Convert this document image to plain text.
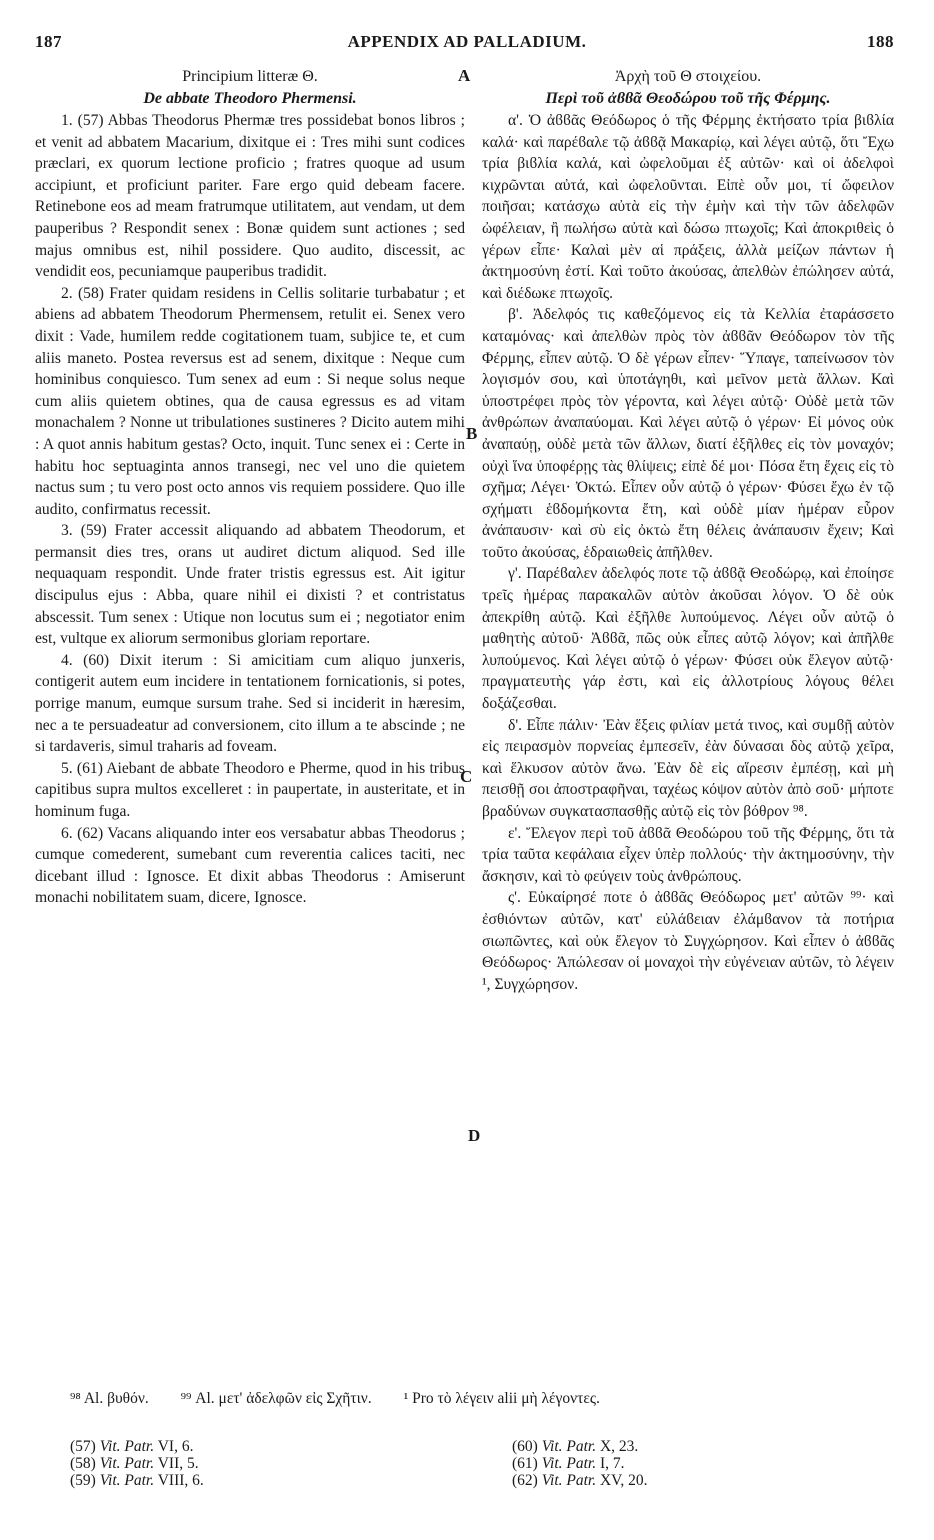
187	APPENDIX AD PALLADIUM.	188
A
B
C
D
Principium litteræ Θ.
De abbate Theodoro Phermensi.

1. (57) Abbas Theodorus Phermæ tres possidebat bonos libros ; et venit ad abbatem Macarium, dixitque ei : Tres mihi sunt codices præclari, ex quorum lectione proficio ; fratres quoque ad usum accipiunt, et proficiunt pariter. Fare ergo quid debeam facere. Retinebone eos ad meam fratrumque utilitatem, aut vendam, ut dem pauperibus ? Respondit senex : Bonæ quidem sunt actiones ; sed majus omnibus est, nihil possidere. Quo audito, discessit, ac vendidit eos, pecuniamque pauperibus tradidit.

2. (58) Frater quidam residens in Cellis solitarie turbabatur ; et abiens ad abbatem Theodorum Phermensem, retulit ei. Senex vero dixit : Vade, humilem redde cogitationem tuam, subjice te, et cum aliis maneto. Postea reversus est ad senem, dixitque : Neque cum hominibus conquiesco. Tum senex ad eum : Si neque solus neque cum aliis quietem obtines, qua de causa egressus es ad vitam monachalem ? Nonne ut tribulationes sustineres ? Dicito autem mihi : A quot annis habitum gestas? Octo, inquit. Tunc senex ei : Certe in habitu hoc septuaginta annos transegi, nec vel uno die quietem nactus sum ; tu vero post octo annos vis requiem possidere. Quo ille audito, confirmatus recessit.

3. (59) Frater accessit aliquando ad abbatem Theodorum, et permansit dies tres, orans ut audiret dictum aliquod. Sed ille nequaquam respondit. Unde frater tristis egressus est. Ait igitur discipulus ejus : Abba, quare nihil ei dixisti ? et contristatus abscessit. Tum senex : Utique non locutus sum ei ; negotiator enim est, vultque ex aliorum sermonibus gloriam reportare.

4. (60) Dixit iterum : Si amicitiam cum aliquo junxeris, contigerit autem eum incidere in tentationem fornicationis, si potes, porrige manum, eumque sursum trahe. Sed si inciderit in hæresim, nec a te persuadeatur ad conversionem, cito illum a te abscinde ; ne si tardaveris, simul traharis ad foveam.

5. (61) Aiebant de abbate Theodoro e Pherme, quod in his tribus capitibus supra multos excelleret : in paupertate, in austeritate, et in hominum fuga.

6. (62) Vacans aliquando inter eos versabatur abbas Theodorus ; cumque comederent, sumebant cum reverentia calices taciti, nec dicebant illud : Ignosce. Et dixit abbas Theodorus : Amiserunt monachi nobilitatem suam, dicere, Ignosce.

Ἀρχὴ τοῦ Θ στοιχείου.
Περὶ τοῦ ἀϐϐᾶ Θεοδώρου τοῦ τῆς Φέρμης.

α'. Ὁ ἀϐϐᾶς Θεόδωρος ὁ τῆς Φέρμης ἐκτήσατο τρία βιϐλία καλά· καὶ παρέϐαλε τῷ ἀϐϐᾷ Μακαρίῳ, καὶ λέγει αὐτῷ, ὅτι Ἔχω τρία βιϐλία καλά, καὶ ὠφελοῦμαι ἐξ αὐτῶν· καὶ οἱ ἀδελφοὶ κιχρῶνται αὐτά, καὶ ὠφελοῦνται. Εἰπὲ οὖν μοι, τί ὤφειλον ποιῆσαι; κατάσχω αὐτὰ εἰς τὴν ἐμὴν καὶ τὴν τῶν ἀδελφῶν ὠφέλειαν, ἢ πωλήσω αὐτὰ καὶ δώσω πτωχοῖς; Καὶ ἀποκριθεὶς ὁ γέρων εἶπε· Καλαὶ μὲν αἱ πράξεις, ἀλλὰ μείζων πάντων ἡ ἀκτημοσύνη ἐστί. Καὶ τοῦτο ἀκούσας, ἀπελθὼν ἐπώλησεν αὐτά, καὶ διέδωκε πτωχοῖς.

β'. Ἀδελφός τις καθεζόμενος εἰς τὰ Κελλία ἐταράσσετο καταμόνας· καὶ ἀπελθὼν πρὸς τὸν ἀϐϐᾶν Θεόδωρον τὸν τῆς Φέρμης, εἶπεν αὐτῷ. Ὁ δὲ γέρων εἶπεν· Ὕπαγε, ταπείνωσον τὸν λογισμόν σου, καὶ ὑποτάγηθι, καὶ μεῖνον μετὰ ἄλλων. Καὶ ὑποστρέφει πρὸς τὸν γέροντα, καὶ λέγει αὐτῷ· Οὐδὲ μετὰ τῶν ἀνθρώπων ἀναπαύομαι. Καὶ λέγει αὐτῷ ὁ γέρων· Εἰ μόνος οὐκ ἀναπαύῃ, οὐδὲ μετὰ τῶν ἄλλων, διατί ἐξῆλθες εἰς τὸν μοναχόν; οὐχὶ ἵνα ὑποφέρῃς τὰς θλίψεις; εἰπὲ δέ μοι· Πόσα ἔτη ἔχεις εἰς τὸ σχῆμα; Λέγει· Ὀκτώ. Εἶπεν οὖν αὐτῷ ὁ γέρων· Φύσει ἔχω ἐν τῷ σχήματι ἑϐδομήκοντα ἔτη, καὶ οὐδὲ μίαν ἡμέραν εὗρον ἀνάπαυσιν· καὶ σὺ εἰς ὀκτὼ ἔτη θέλεις ἀνάπαυσιν ἔχειν; Καὶ τοῦτο ἀκούσας, ἑδραιωθεὶς ἀπῆλθεν.

γ'. Παρέϐαλεν ἀδελφός ποτε τῷ ἀϐϐᾷ Θεοδώρῳ, καὶ ἐποίησε τρεῖς ἡμέρας παρακαλῶν αὐτὸν ἀκοῦσαι λόγον. Ὁ δὲ οὐκ ἀπεκρίθη αὐτῷ. Καὶ ἐξῆλθε λυπούμενος. Λέγει οὖν αὐτῷ ὁ μαθητὴς αὐτοῦ· Ἀϐϐᾶ, πῶς οὐκ εἶπες αὐτῷ λόγον; καὶ ἀπῆλθε λυπούμενος. Καὶ λέγει αὐτῷ ὁ γέρων· Φύσει οὐκ ἔλεγον αὐτῷ· πραγματευτὴς γάρ ἐστι, καὶ εἰς ἀλλοτρίους λόγους θέλει δοξάζεσθαι.

δ'. Εἶπε πάλιν· Ἐὰν ἕξεις φιλίαν μετά τινος, καὶ συμϐῇ αὐτὸν εἰς πειρασμὸν πορνείας ἐμπεσεῖν, ἐὰν δύνασαι δὸς αὐτῷ χεῖρα, καὶ ἕλκυσον αὐτὸν ἄνω. Ἐὰν δὲ εἰς αἵρεσιν ἐμπέσῃ, καὶ μὴ πεισθῇ σοι ἀποστραφῆναι, ταχέως κόψον αὐτὸν ἀπὸ σοῦ· μήποτε βραδύνων συγκατασπασθῇς αὐτῷ εἰς τὸν βόθρον ⁹⁸.

ε'. Ἔλεγον περὶ τοῦ ἀϐϐᾶ Θεοδώρου τοῦ τῆς Φέρμης, ὅτι τὰ τρία ταῦτα κεφάλαια εἶχεν ὑπὲρ πολλούς· τὴν ἀκτημοσύνην, τὴν ἄσκησιν, καὶ τὸ φεύγειν τοὺς ἀνθρώπους.

ς'. Εὐκαίρησέ ποτε ὁ ἀϐϐᾶς Θεόδωρος μετ' αὐτῶν ⁹⁹· καὶ ἐσθιόντων αὐτῶν, κατ' εὐλάϐειαν ἐλάμϐανον τὰ ποτήρια σιωπῶντες, καὶ οὐκ ἔλεγον τὸ Συγχώρησον. Καὶ εἶπεν ὁ ἀϐϐᾶς Θεόδωρος· Ἀπώλεσαν οἱ μοναχοὶ τὴν εὐγένειαν αὐτῶν, τὸ λέγειν ¹, Συγχώρησον.

⁹⁸ Al. βυθόν. ⁹⁹ Al. μετ' ἀδελφῶν εἰς Σχῆτιν. ¹ Pro τὸ λέγειν alii μὴ λέγοντες.
(57) Vit. Patr. VI, 6.
(58) Vit. Patr. VII, 5.
(59) Vit. Patr. VIII, 6.
(60) Vit. Patr. X, 23.
(61) Vit. Patr. I, 7.
(62) Vit. Patr. XV, 20.
